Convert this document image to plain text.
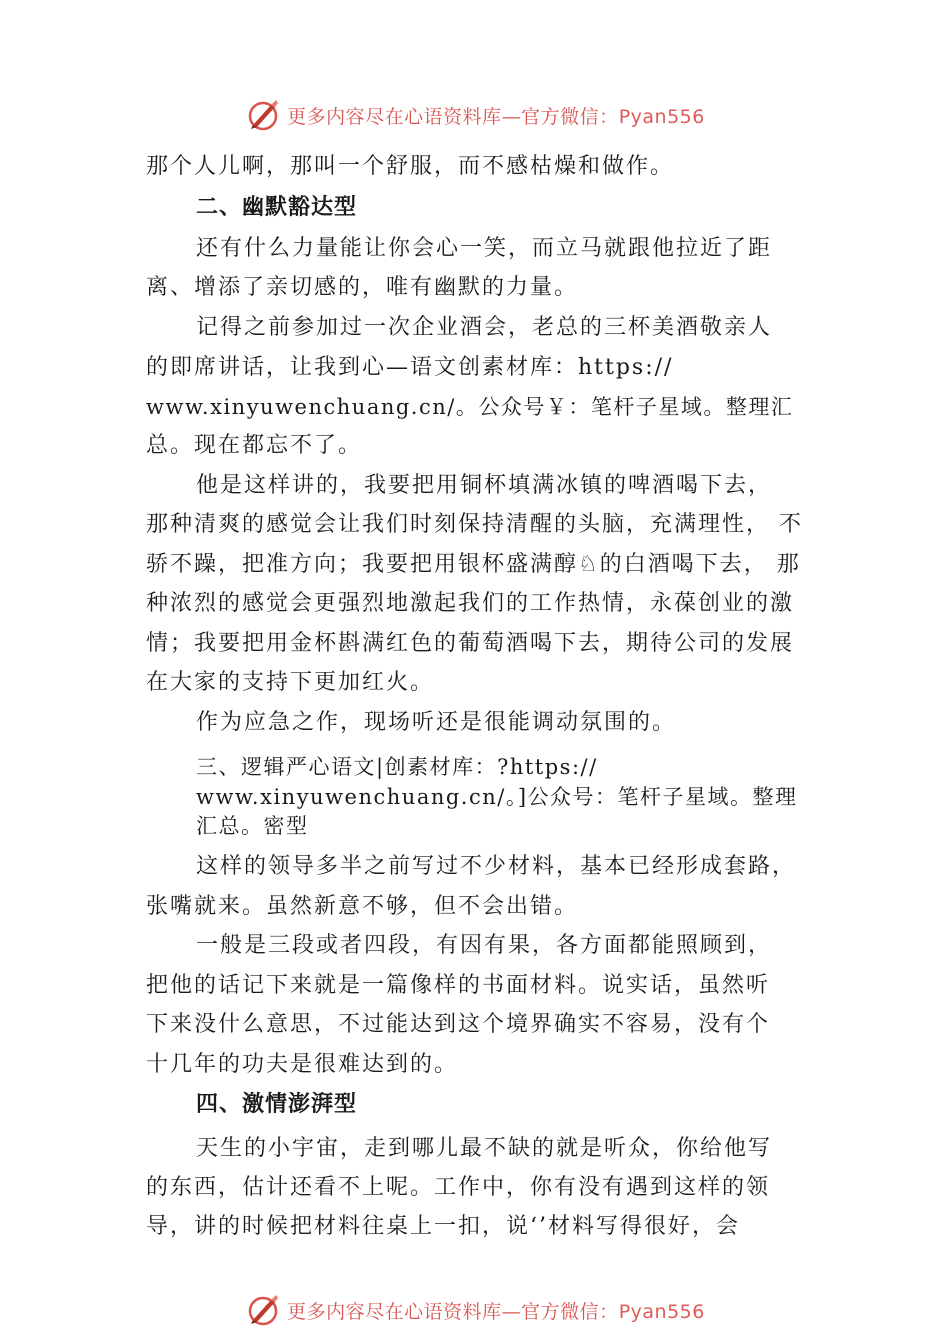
更多内容尽在心语资料库—官方微信：Pyan556
那个人儿啊，那叫一个舒服，而不感枯燥和做作。
二、幽默豁达型
还有什么力量能让你会心一笑，而立马就跟他拉近了距
离、增添了亲切感的，唯有幽默的力量。
记得之前参加过一次企业酒会，老总的三杯美酒敬亲人
的即席讲话，让我到心—语文创素材库：https://
www.xinyuwenchuang.cn/。公众号￥：笔杆子星域。整理汇
总。现在都忘不了。
他是这样讲的，我要把用铜杯填满冰镇的啤酒喝下去，
那种清爽的感觉会让我们时刻保持清醒的头脑，充满理性， 不
骄不躁，把准方向；我要把用银杯盛满醇♘的白酒喝下去， 那
种浓烈的感觉会更强烈地激起我们的工作热情，永葆创业的激
情；我要把用金杯斟满红色的葡萄酒喝下去，期待公司的发展
在大家的支持下更加红火。
作为应急之作，现场听还是很能调动氛围的。
三、逻辑严心语文|创素材库：?https://
www.xinyuwenchuang.cn/。]公众号：笔杆子星域。整理
汇总。密型
这样的领导多半之前写过不少材料，基本已经形成套路，
张嘴就来。虽然新意不够，但不会出错。
一般是三段或者四段，有因有果，各方面都能照顾到，
把他的话记下来就是一篇像样的书面材料。说实话，虽然听
下来没什么意思，不过能达到这个境界确实不容易，没有个
十几年的功夫是很难达到的。
四、激情澎湃型
天生的小宇宙，走到哪儿最不缺的就是听众，你给他写
的东西，估计还看不上呢。工作中，你有没有遇到这样的领
导，讲的时候把材料往桌上一扣，说‘’材料写得很好，会
更多内容尽在心语资料库—官方微信：Pyan556
